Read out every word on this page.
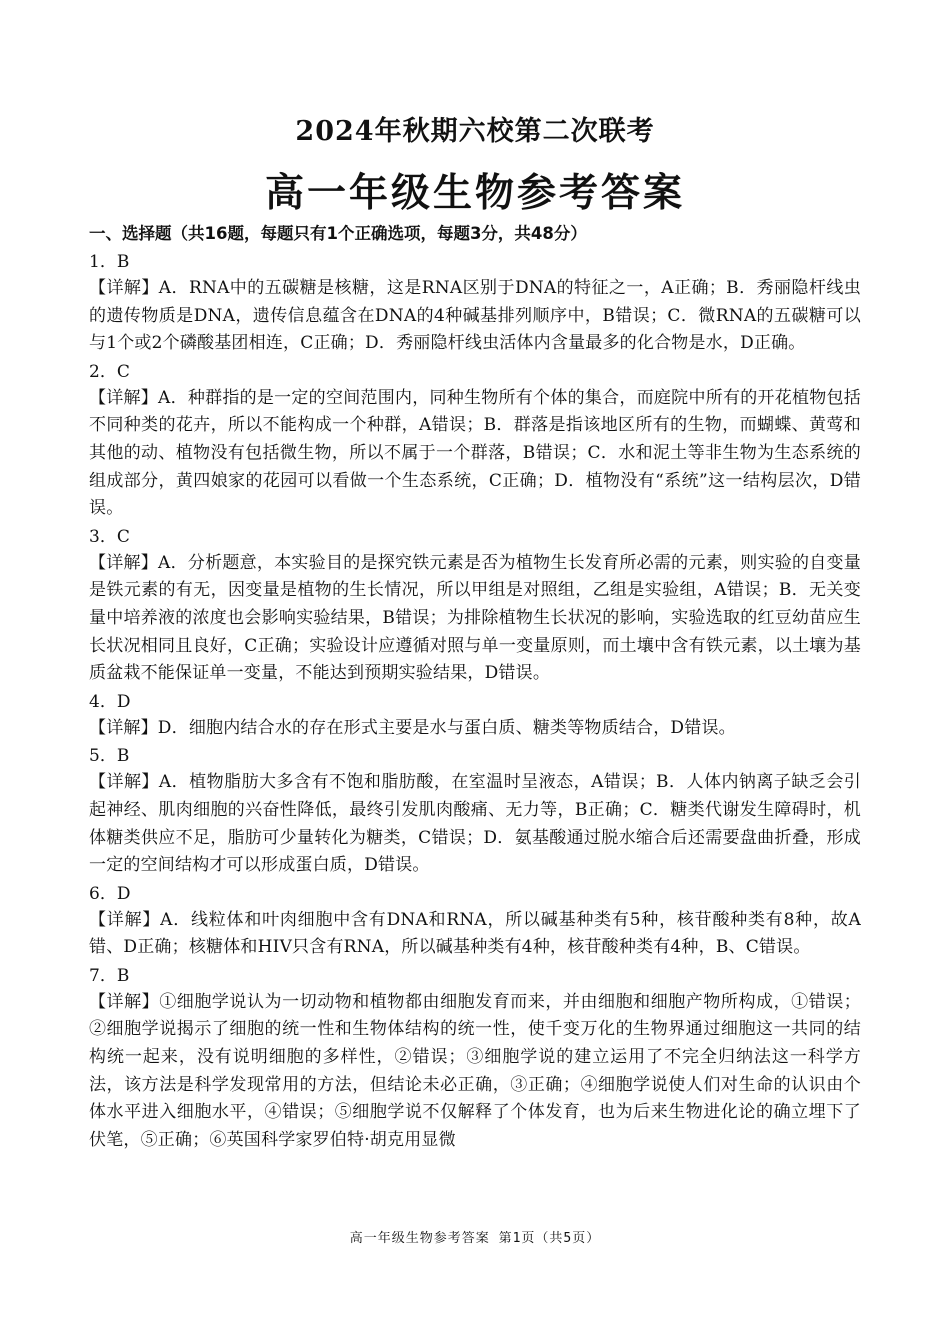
2024年秋期六校第二次联考
高一年级生物参考答案
一、选择题（共16题，每题只有1个正确选项，每题3分，共48分）
1．B
【详解】A．RNA中的五碳糖是核糖，这是RNA区别于DNA的特征之一，A正确；B．秀丽隐杆线虫的遗传物质是DNA，遗传信息蕴含在DNA的4种碱基排列顺序中，B错误；C．微RNA的五碳糖可以与1个或2个磷酸基团相连，C正确；D．秀丽隐杆线虫活体内含量最多的化合物是水，D正确。
2．C
【详解】A．种群指的是一定的空间范围内，同种生物所有个体的集合，而庭院中所有的开花植物包括不同种类的花卉，所以不能构成一个种群，A错误；B．群落是指该地区所有的生物，而蝴蝶、黄莺和其他的动、植物没有包括微生物，所以不属于一个群落，B错误；C．水和泥土等非生物为生态系统的组成部分，黄四娘家的花园可以看做一个生态系统，C正确；D．植物没有“系统”这一结构层次，D错误。
3．C
【详解】A．分析题意，本实验目的是探究铁元素是否为植物生长发育所必需的元素，则实验的自变量是铁元素的有无，因变量是植物的生长情况，所以甲组是对照组，乙组是实验组，A错误；B．无关变量中培养液的浓度也会影响实验结果，B错误；为排除植物生长状况的影响，实验选取的红豆幼苗应生长状况相同且良好，C正确；实验设计应遵循对照与单一变量原则，而土壤中含有铁元素，以土壤为基质盆栽不能保证单一变量，不能达到预期实验结果，D错误。
4．D
【详解】D．细胞内结合水的存在形式主要是水与蛋白质、糖类等物质结合，D错误。
5．B
【详解】A．植物脂肪大多含有不饱和脂肪酸，在室温时呈液态，A错误；B．人体内钠离子缺乏会引起神经、肌肉细胞的兴奋性降低，最终引发肌肉酸痛、无力等，B正确；C．糖类代谢发生障碍时，机体糖类供应不足，脂肪可少量转化为糖类，C错误；D．氨基酸通过脱水缩合后还需要盘曲折叠，形成一定的空间结构才可以形成蛋白质，D错误。
6．D
【详解】A．线粒体和叶肉细胞中含有DNA和RNA，所以碱基种类有5种，核苷酸种类有8种，故A错、D正确；核糖体和HIV只含有RNA，所以碱基种类有4种，核苷酸种类有4种，B、C错误。
7．B
【详解】①细胞学说认为一切动物和植物都由细胞发育而来，并由细胞和细胞产物所构成，①错误；②细胞学说揭示了细胞的统一性和生物体结构的统一性，使千变万化的生物界通过细胞这一共同的结构统一起来，没有说明细胞的多样性，②错误；③细胞学说的建立运用了不完全归纳法这一科学方法，该方法是科学发现常用的方法，但结论未必正确，③正确；④细胞学说使人们对生命的认识由个体水平进入细胞水平，④错误；⑤细胞学说不仅解释了个体发育，也为后来生物进化论的确立埋下了伏笔，⑤正确；⑥英国科学家罗伯特·胡克用显微
高一年级生物参考答案 第1页（共5页）
